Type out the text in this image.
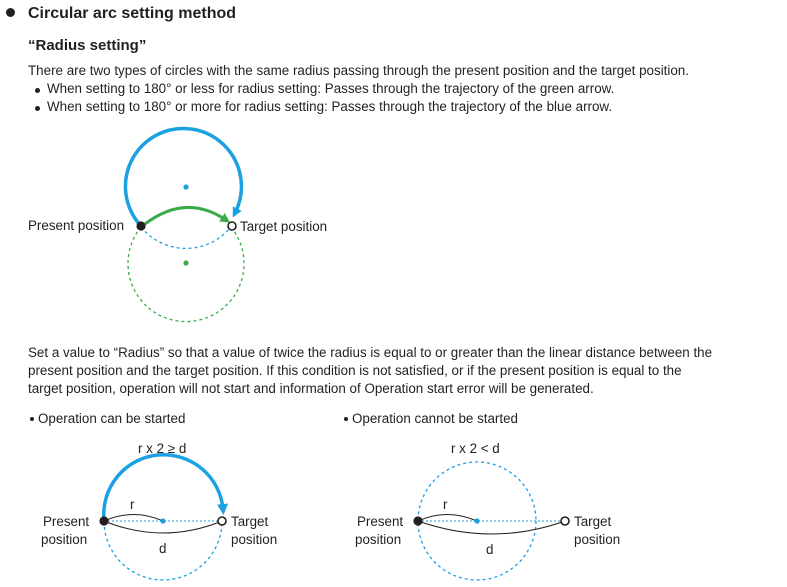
Circular arc setting method
“Radius setting”
There are two types of circles with the same radius passing through the present position and the target position.
When setting to 180° or less for radius setting: Passes through the trajectory of the green arrow.
When setting to 180° or more for radius setting: Passes through the trajectory of the blue arrow.
Present position	Target position
Set a value to “Radius” so that a value of twice the radius is equal to or greater than the linear distance between the
present position and the target position. If this condition is not satisfied, or if the present position is equal to the
target position, operation will not start and information of Operation start error will be generated.
Operation can be started
r x 2 ≥ d
r
d
Present
position
Target
position
Operation cannot be started
r x 2 < d
r
d
Present
position
Target
position
